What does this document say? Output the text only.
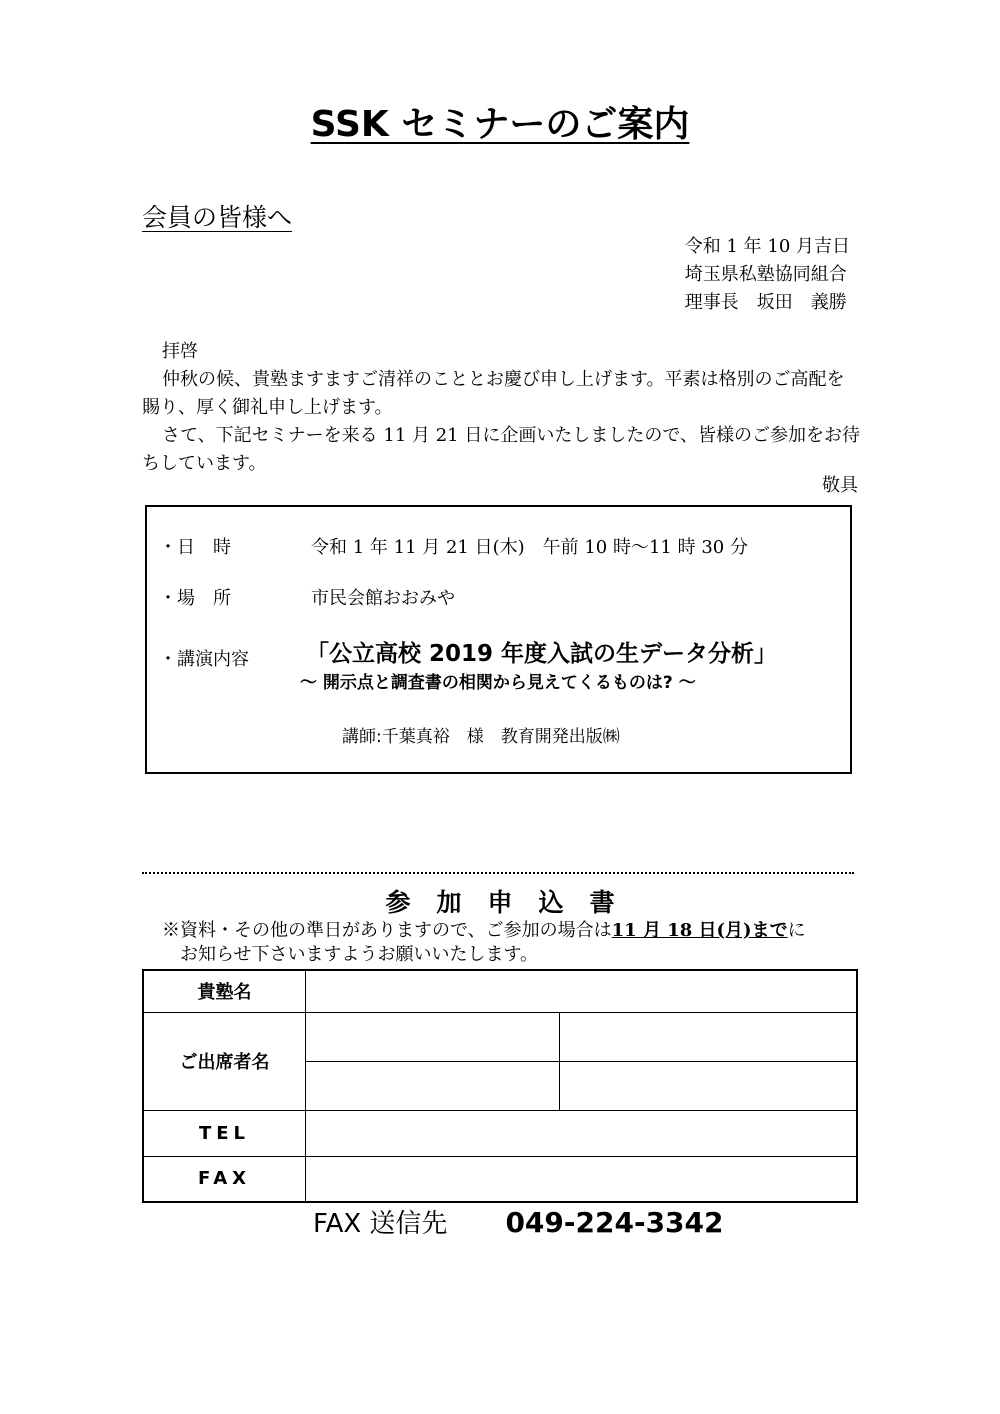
SSK セミナーのご案内
会員の皆様へ
令和 1 年 10 月吉日
埼玉県私塾協同組合
理事長　坂田　義勝

拝啓

仲秋の候、貴塾ますますご清祥のこととお慶び申し上げます。平素は格別のご高配を賜り、厚く御礼申し上げます。

さて、下記セミナーを来る 11 月 21 日に企画いたしましたので、皆様のご参加をお待ちしています。

敬具
・日　時	令和 1 年 11 月 21 日(木)　午前 10 時～11 時 30 分
・場　所	市民会館おおみや
・講演内容 「公立高校 2019 年度入試の生データ分析」
～ 開示点と調査書の相関から見えてくるものは? ～
講師:千葉真裕　様　教育開発出版㈱
参加申込書
※資料・その他の準日がありますので、ご参加の場合は11 月 18 日(月)までに
お知らせ下さいますようお願いいたします。
貴塾名		
ご出席者名		

TEL		
FAX		
FAX 送信先 049-224-3342
